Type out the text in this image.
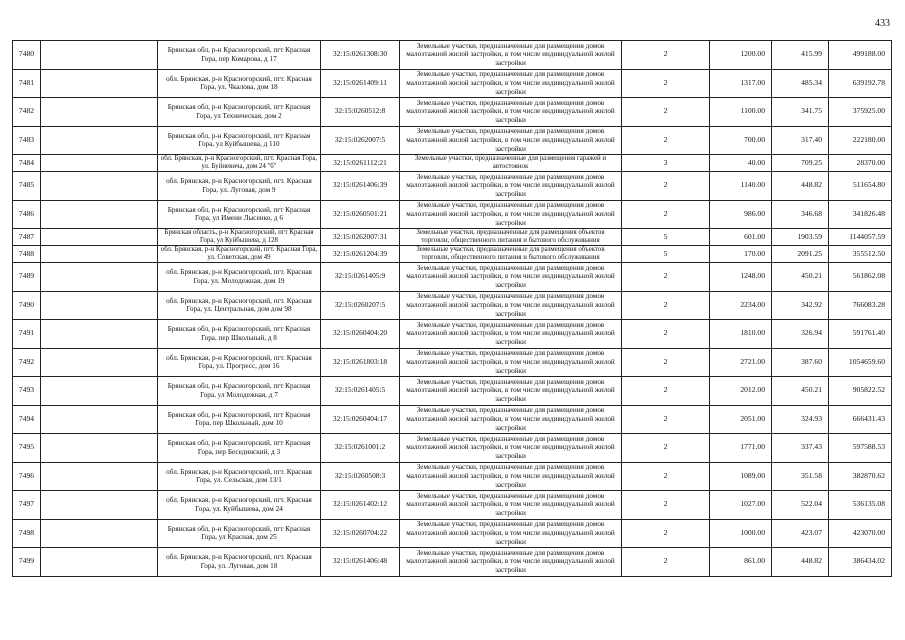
433
7480		Брянская обл, р-н Красногорский, пгт Красная Гора, пер Комарова, д 17	32:15:0261308:30	Земельные участки, предназначенные для размещения домов малоэтажной жилой застройки, в том числе индивидуальной жилой застройки	2	1200.00	415.99	499188.00
7481		обл. Брянская, р-н Красногорский, пгт. Красная Гора, ул. Чкалова, дом 18	32:15:0261409:11	Земельные участки, предназначенные для размещения домов малоэтажной жилой застройки, в том числе индивидуальной жилой застройки	2	1317.00	485.34	639192.78
7482		Брянская обл, р-н Красногорский, пгт Красная Гора, ул Техническая, дом 2	32:15:0260512:8	Земельные участки, предназначенные для размещения домов малоэтажной жилой застройки, в том числе индивидуальной жилой застройки	2	1100.00	341.75	375925.00
7483		Брянская обл, р-н Красногорский, пгт Красная Гора, ул Куйбышева, д 110	32:15:0262007:5	Земельные участки, предназначенные для размещения домов малоэтажной жилой застройки, в том числе индивидуальной жилой застройки	2	700.00	317.40	222180.00
7484		обл. Брянская, р-н Красногорский, пгт. Красная Гора, ул. Буйневича, дом 24 "б"	32:15:0261112:21	Земельные участки, предназначенные для размещения гаражей и автостоянок	3	40.00	709.25	28370.00
7485		обл. Брянская, р-н Красногорский, пгт. Красная Гора, ул. Луговая, дом 9	32:15:0261406:39	Земельные участки, предназначенные для размещения домов малоэтажной жилой застройки, в том числе индивидуальной жилой застройки	2	1140.00	448.82	511654.80
7486		Брянская обл, р-н Красногорский, пгт Красная Гора, ул Имени Лысенко, д 6	32:15:0260501:21	Земельные участки, предназначенные для размещения домов малоэтажной жилой застройки, в том числе индивидуальной жилой застройки	2	986.00	346.68	341826.48
7487		Брянская область, р-н Красногорский, пгт Красная Гора, ул Куйбышева, д 128	32:15:0262007:31	Земельные участки, предназначенные для размещения объектов торговли, общественного питания и бытового обслуживания	5	601.00	1903.59	1144057.59
7488		обл. Брянская, р-н Красногорский, пгт. Красная Гора, ул. Советская, дом 49	32:15:0261204:39	Земельные участки, предназначенные для размещения объектов торговли, общественного питания и бытового обслуживания	5	170.00	2091.25	355512.50
7489		обл. Брянская, р-н Красногорский, пгт. Красная Гора, ул. Молодежная, дом 19	32:15:0261405:9	Земельные участки, предназначенные для размещения домов малоэтажной жилой застройки, в том числе индивидуальной жилой застройки	2	1248.00	450.21	561862.08
7490		обл. Брянская, р-н Красногорский, пгт. Красная Гора, ул. Центральная, дом дом 98	32:15:0260207:5	Земельные участки, предназначенные для размещения домов малоэтажной жилой застройки, в том числе индивидуальной жилой застройки	2	2234.00	342.92	766083.28
7491		Брянская обл, р-н Красногорский, пгт Красная Гора, пер Школьный, д 8	32:15:0260404:20	Земельные участки, предназначенные для размещения домов малоэтажной жилой застройки, в том числе индивидуальной жилой застройки	2	1810.00	326.94	591761.40
7492		обл. Брянская, р-н Красногорский, пгт. Красная Гора, ул. Прогресс, дом 16	32:15:0261803:18	Земельные участки, предназначенные для размещения домов малоэтажной жилой застройки, в том числе индивидуальной жилой застройки	2	2721.00	387.60	1054659.60
7493		Брянская обл, р-н Красногорский, пгт Красная Гора, ул Молодежная, д 7	32:15:0261405:5	Земельные участки, предназначенные для размещения домов малоэтажной жилой застройки, в том числе индивидуальной жилой застройки	2	2012.00	450.21	905822.52
7494		Брянская обл, р-н Красногорский, пгт Красная Гора, пер Школьный, дом 10	32:15:0260404:17	Земельные участки, предназначенные для размещения домов малоэтажной жилой застройки, в том числе индивидуальной жилой застройки	2	2051.00	324.93	666431.43
7495		Брянская обл, р-н Красногорский, пгт Красная Гора, пер Бесединский, д 3	32:15:0261001:2	Земельные участки, предназначенные для размещения домов малоэтажной жилой застройки, в том числе индивидуальной жилой застройки	2	1771.00	337.43	597588.53
7496		обл. Брянская, р-н Красногорский, пгт. Красная Гора, ул. Сельская, дом 13/1	32:15:0260508:3	Земельные участки, предназначенные для размещения домов малоэтажной жилой застройки, в том числе индивидуальной жилой застройки	2	1089.00	351.58	382870.62
7497		обл. Брянская, р-н Красногорский, пгт. Красная Гора, ул. Куйбышева, дом 24	32:15:0261402:12	Земельные участки, предназначенные для размещения домов малоэтажной жилой застройки, в том числе индивидуальной жилой застройки	2	1027.00	522.04	536135.08
7498		Брянская обл, р-н Красногорский, пгт Красная Гора, ул Красная, дом 25	32:15:0260704:22	Земельные участки, предназначенные для размещения домов малоэтажной жилой застройки, в том числе индивидуальной жилой застройки	2	1000.00	423.07	423070.00
7499		обл. Брянская, р-н Красногорский, пгт. Красная Гора, ул. Луговая, дом 18	32:15:0261406:48	Земельные участки, предназначенные для размещения домов малоэтажной жилой застройки, в том числе индивидуальной жилой застройки	2	861.00	448.82	386434.02
